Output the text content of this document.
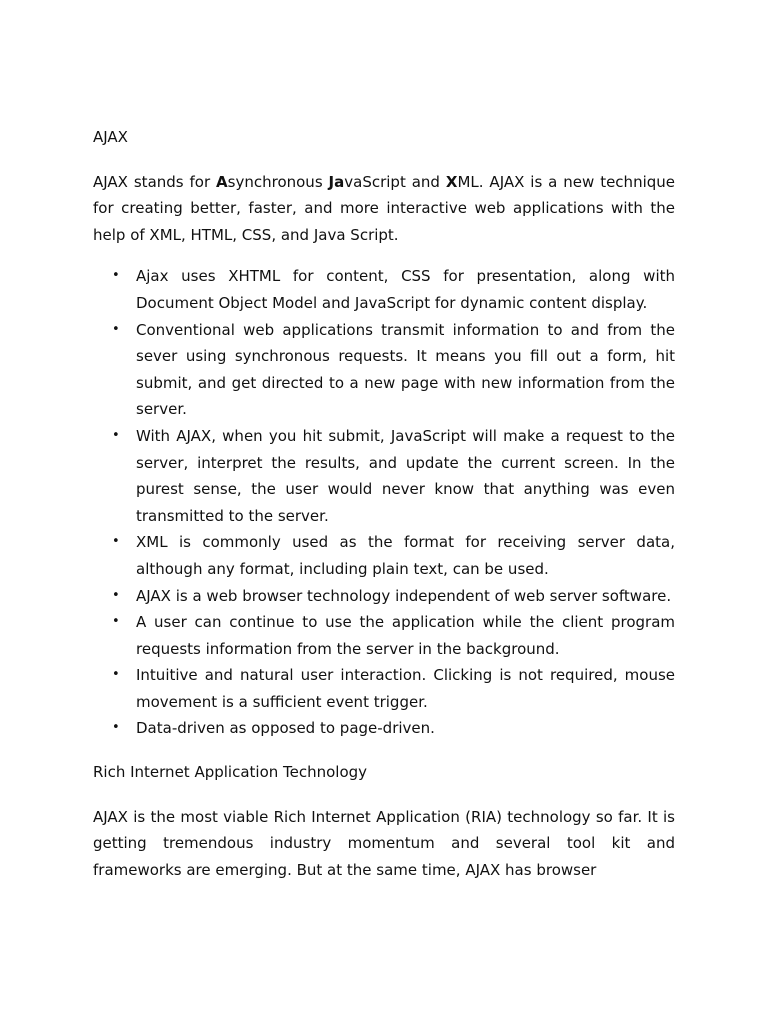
AJAX

AJAX stands for Asynchronous JavaScript and XML. AJAX is a new technique for creating better, faster, and more interactive web applications with the help of XML, HTML, CSS, and Java Script.

• Ajax uses XHTML for content, CSS for presentation, along with Document Object Model and JavaScript for dynamic content display.
• Conventional web applications transmit information to and from the sever using synchronous requests. It means you fill out a form, hit submit, and get directed to a new page with new information from the server.
• With AJAX, when you hit submit, JavaScript will make a request to the server, interpret the results, and update the current screen. In the purest sense, the user would never know that anything was even transmitted to the server.
• XML is commonly used as the format for receiving server data, although any format, including plain text, can be used.
• AJAX is a web browser technology independent of web server software.
• A user can continue to use the application while the client program requests information from the server in the background.
• Intuitive and natural user interaction. Clicking is not required, mouse movement is a sufficient event trigger.
• Data-driven as opposed to page-driven.
Rich Internet Application Technology

AJAX is the most viable Rich Internet Application (RIA) technology so far. It is getting tremendous industry momentum and several tool kit and frameworks are emerging. But at the same time, AJAX has browser
